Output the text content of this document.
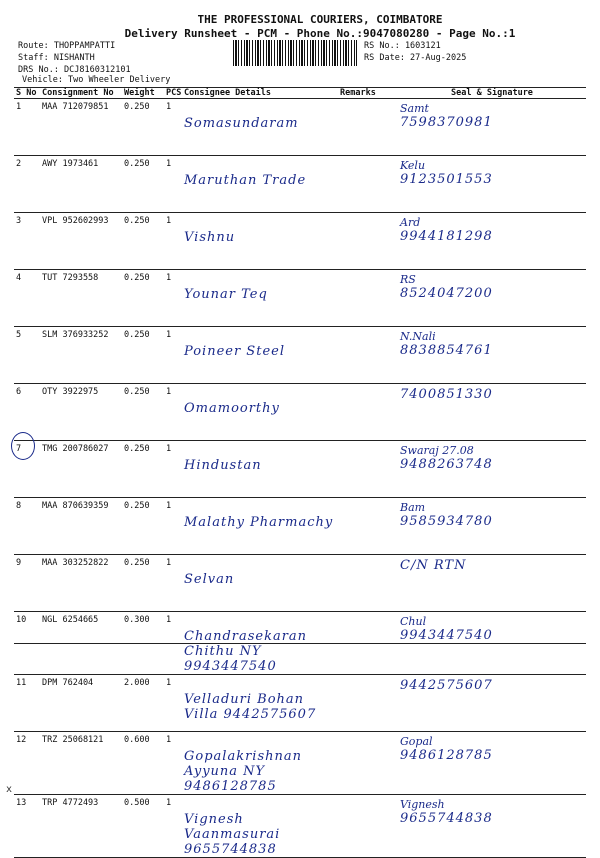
THE PROFESSIONAL COURIERS, COIMBATORE
Delivery Runsheet - PCM - Phone No.:9047080280 - Page No.:1
Route: THOPPAMPATTI
Staff: NISHANTH
DRS No.: DCJ8160312101
Vehicle: Two Wheeler Delivery
RS No.: 1603121
RS Date: 27-Aug-2025
S No	Consignment No	Weight	PCS	Consignee Details	Remarks	Seal & Signature
1	MAA 712079851	0.250	1	Somasundaram		Samt
7598370981

2	AWY 1973461	0.250	1	Maruthan Trade		Kelu
9123501553

3	VPL 952602993	0.250	1	Vishnu		Ard
9944181298

4	TUT 7293558	0.250	1	Younar Teq		RS
8524047200

5	SLM 376933252	0.250	1	Poineer Steel		N.Nali
8838854761

6	OTY 3922975	0.250	1	Omamoorthy		7400851330

7	TMG 200786027	0.250	1	Hindustan		Swaraj 27.08
9488263748

8	MAA 870639359	0.250	1	Malathy Pharmachy		Bam
9585934780

9	MAA 303252822	0.250	1	Selvan		C/N RTN

10	NGL 6254665	0.300	1	Chandrasekaran Chithu NY 9943447540		Chul
9943447540

11	DPM 762404	2.000	1	Velladuri Bohan Villa 9442575607		9442575607

12	TRZ 25068121	0.600	1	Gopalakrishnan Ayyuna NY 9486128785		Gopal
9486128785

13	TRP 4772493	0.500	1	Vignesh Vaanmasurai 9655744838		Vignesh
9655744838
x
